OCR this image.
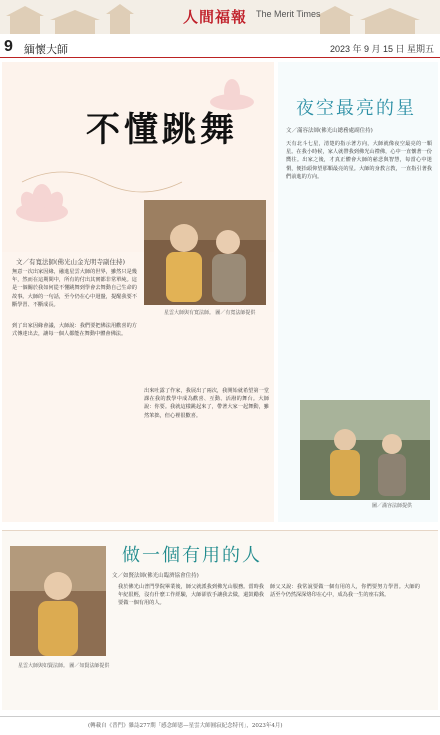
人間福報 The Merit Times
9 緬懷大師	2023 年 9 月 15 日 星期五
不懂跳舞
文／有寬法師(佛光山金光明寺副住持)
無意一次出家因緣，融進星雲大師的世界，雖然只是幾年，然而在這期間中，所有的付出其實都非常單純。這是一個關於我如何從不懂跳舞到學會去舞動自己生命的故事。大師的一句話，至今仍在心中迴盪，提醒我要不斷學習、不斷成長。
到了出家因緣會議，大師說：我們要把佛法用歡喜的方式傳達出去，讓每一個人都能在舞動中體會佛法。
出來吐露了作家，我展出了兩次，我開始就希望第一堂課在我的教學中成為歡喜、互動、活潑的舞台。大師說：你要。我就這樣跳起來了，帶著大家一起舞動，雖然笨拙，但心裡很歡喜。
星雲大師與有寬法師。 圖／有寬法師提供
夜空最亮的星
文／滿容法師(佛光山總務處副住持)
天有北斗七星，清楚的指示著方向，大師就像夜空最亮的一顆星。在我小時候，家人就帶我到佛光山禮佛，心中一直懷著一份嚮往。出家之後，才真正體會大師的慈悲與智慧，每當心中迷惘，便抬頭仰望那顆最亮的星。大師的身教言教，一直指引著我們前進的方向。
圖／滿容法師提供
做一個有用的人
文／如賢法師(佛光山臨濟協會住持)
我於佛光山普門學院畢業後，師父就派我到佛光山服務。當時我年紀很輕，沒有什麼工作經驗，大師卻放手讓我去做，還鼓勵我要做一個有用的人。
師父又說：我常說要做一個有用的人，你們要努力學習。大師的話至今仍然深深烙印在心中，成為我一生的座右銘。
星雲大師與如賢法師。 圖／如賢法師提供
(轉載自《普門》雜誌277期「感念師恩—星雲大師圓寂紀念特刊」，2023年4月)
